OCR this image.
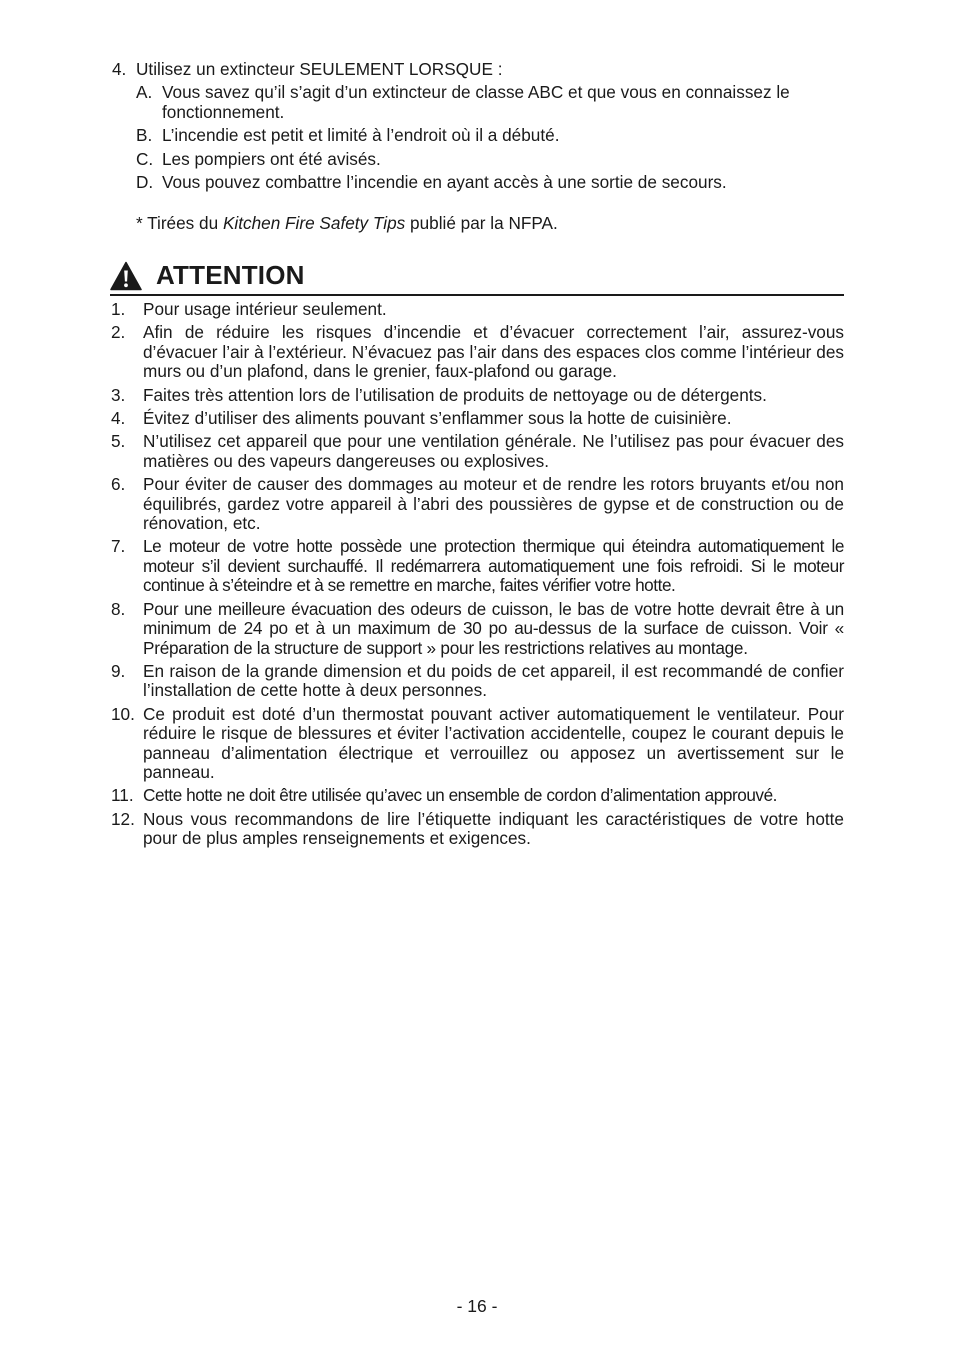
4. Utilisez un extincteur SEULEMENT LORSQUE :
A. Vous savez qu’il s’agit d’un extincteur de classe ABC et que vous en connaissez le fonctionnement.
B. L’incendie est petit et limité à l’endroit où il a débuté.
C. Les pompiers ont été avisés.
D. Vous pouvez combattre l’incendie en ayant accès à une sortie de secours.
* Tirées du Kitchen Fire Safety Tips publié par la NFPA.
ATTENTION
1.	Pour usage intérieur seulement.
2.	Afin de réduire les risques d’incendie et d’évacuer correctement l’air, assurez-vous d’évacuer l’air à l’extérieur. N’évacuez pas l’air dans des espaces clos comme l’intérieur des murs ou d’un plafond, dans le grenier, faux-plafond ou garage.
3.	Faites très attention lors de l’utilisation de produits de nettoyage ou de détergents.
4.	Évitez d’utiliser des aliments pouvant s’enflammer sous la hotte de cuisinière.
5.	N’utilisez cet appareil que pour une ventilation générale. Ne l’utilisez pas pour évacuer des matières ou des vapeurs dangereuses ou explosives.
6.	Pour éviter de causer des dommages au moteur et de rendre les rotors bruyants et/ou non équilibrés, gardez votre appareil à l’abri des poussières de gypse et de construction ou de rénovation, etc.
7.	Le moteur de votre hotte possède une protection thermique qui éteindra automatiquement le moteur s’il devient surchauffé. Il redémarrera automatiquement une fois refroidi. Si le moteur continue à s’éteindre et à se remettre en marche, faites vérifier votre hotte.
8.	Pour une meilleure évacuation des odeurs de cuisson, le bas de votre hotte devrait être à un minimum de 24 po et à un maximum de 30 po au-dessus de la surface de cuisson. Voir « Préparation de la structure de support » pour les restrictions relatives au montage.
9.	En raison de la grande dimension et du poids de cet appareil, il est recommandé de confier l’installation de cette hotte à deux personnes.
10. Ce produit est doté d’un thermostat pouvant activer automatiquement le ventilateur. Pour réduire le risque de blessures et éviter l’activation accidentelle, coupez le courant depuis le panneau d’alimentation électrique et verrouillez ou apposez un avertissement sur le panneau.
11. Cette hotte ne doit être utilisée qu’avec un ensemble de cordon d’alimentation approuvé.
12. Nous vous recommandons de lire l’étiquette indiquant les caractéristiques de votre hotte pour de plus amples renseignements et exigences.
- 16 -
